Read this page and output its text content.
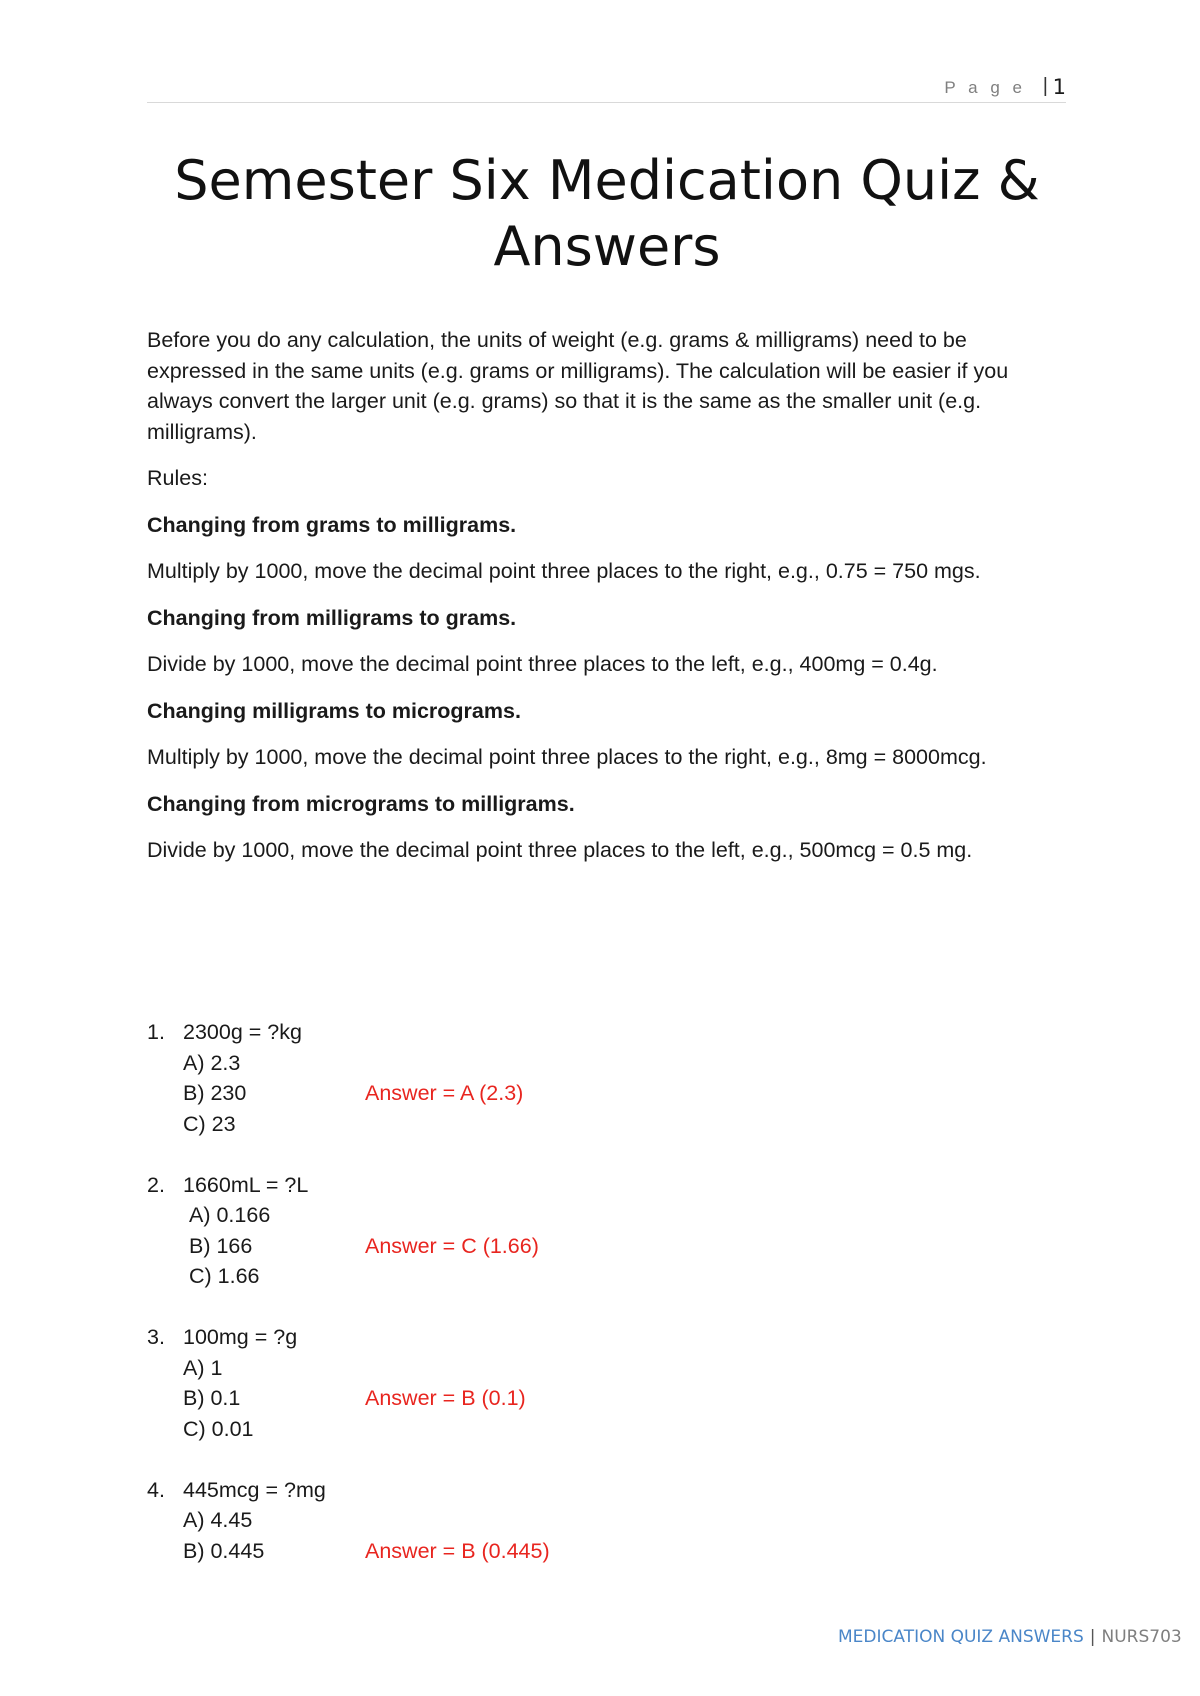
P a g e | 1
Semester Six Medication Quiz & Answers

Before you do any calculation, the units of weight (e.g. grams & milligrams) need to be expressed in the same units (e.g. grams or milligrams). The calculation will be easier if you always convert the larger unit (e.g. grams) so that it is the same as the smaller unit (e.g. milligrams).

Rules:

Changing from grams to milligrams.

Multiply by 1000, move the decimal point three places to the right, e.g., 0.75 = 750 mgs.

Changing from milligrams to grams.

Divide by 1000, move the decimal point three places to the left, e.g., 400mg = 0.4g.

Changing milligrams to micrograms.

Multiply by 1000, move the decimal point three places to the right, e.g., 8mg = 8000mcg.

Changing from micrograms to milligrams.

Divide by 1000, move the decimal point three places to the left, e.g., 500mcg = 0.5 mg.

1. 2300g = ?kg
A) 2.3
B) 230	Answer = A (2.3)
C) 23
2. 1660mL = ?L
A) 0.166
B) 166	Answer = C (1.66)
C) 1.66
3. 100mg = ?g
A) 1
B) 0.1	Answer = B (0.1)
C) 0.01
4. 445mcg = ?mg
A) 4.45
B) 0.445	Answer = B (0.445)
MEDICATION QUIZ ANSWERS | NURS703
